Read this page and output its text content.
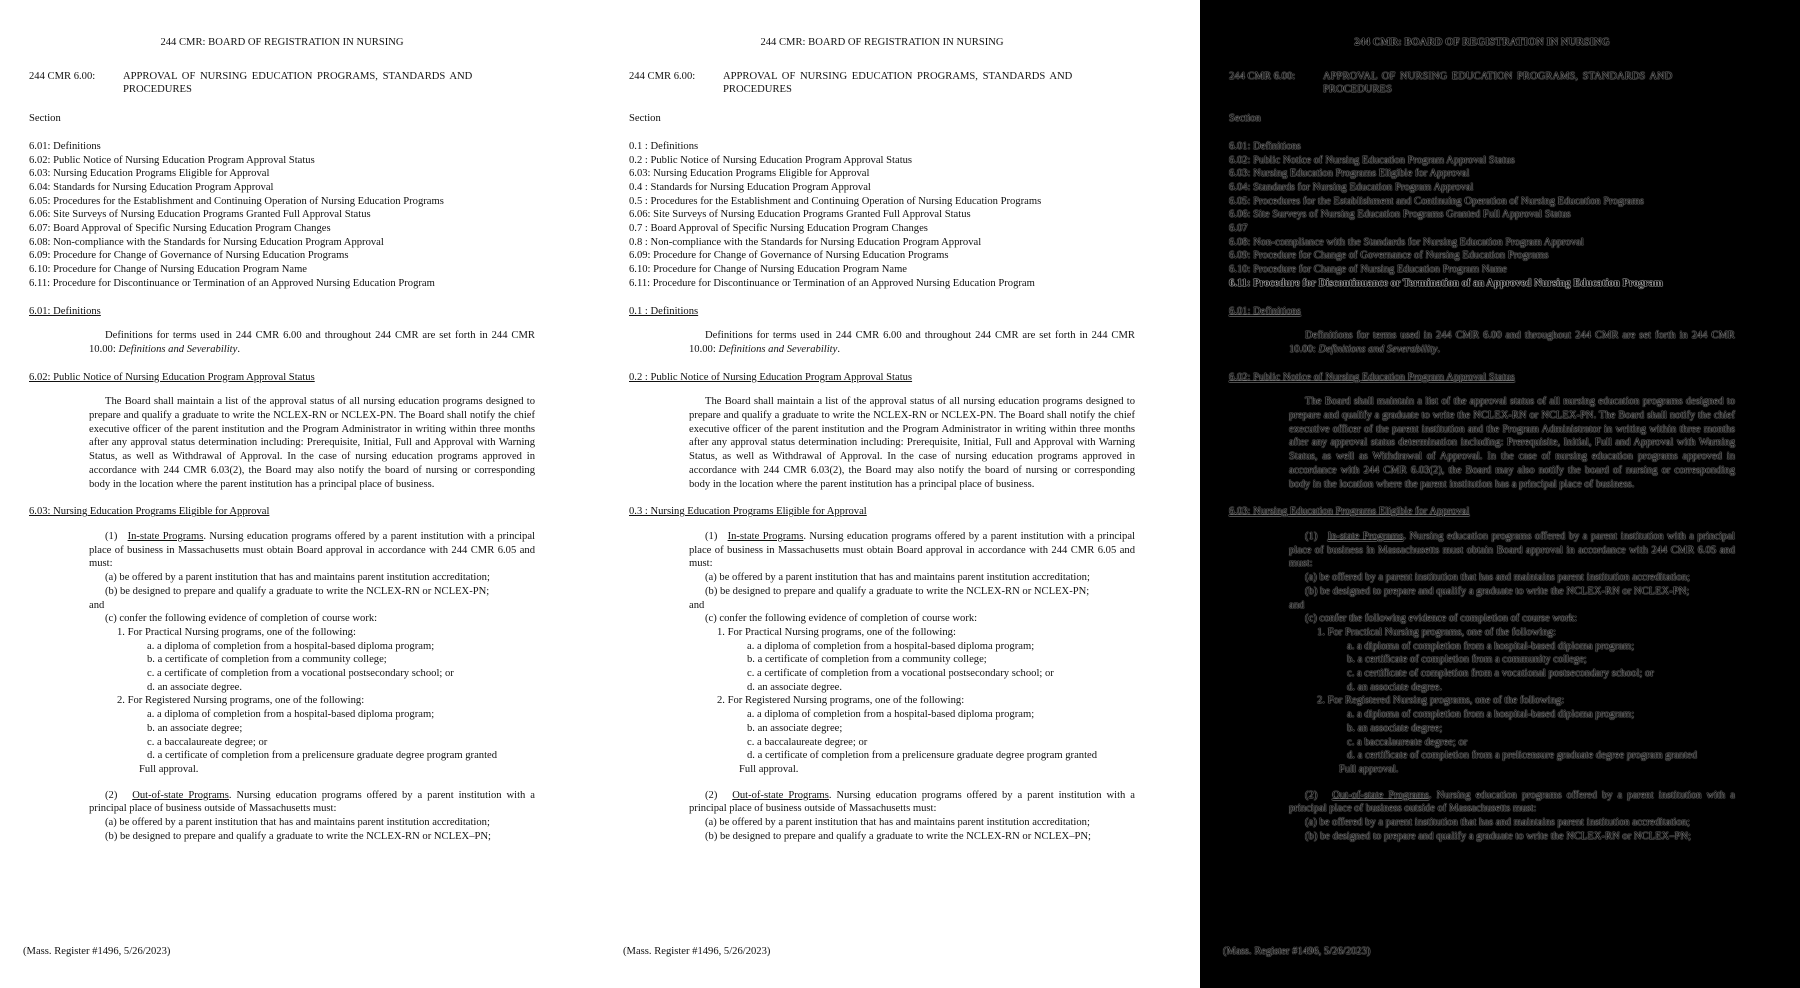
244 CMR: BOARD OF REGISTRATION IN NURSING
244 CMR 6.00:	APPROVAL OF NURSING EDUCATION PROGRAMS, STANDARDS AND PROCEDURES
Section
6.01: Definitions
6.02: Public Notice of Nursing Education Program Approval Status
6.03: Nursing Education Programs Eligible for Approval
6.04: Standards for Nursing Education Program Approval
6.05: Procedures for the Establishment and Continuing Operation of Nursing Education Programs
6.06: Site Surveys of Nursing Education Programs Granted Full Approval Status
6.07: Board Approval of Specific Nursing Education Program Changes
6.08: Non-compliance with the Standards for Nursing Education Program Approval
6.09: Procedure for Change of Governance of Nursing Education Programs
6.10: Procedure for Change of Nursing Education Program Name
6.11: Procedure for Discontinuance or Termination of an Approved Nursing Education Program
6.01: Definitions
Definitions for terms used in 244 CMR 6.00 and throughout 244 CMR are set forth in 244 CMR 10.00: Definitions and Severability.
6.02: Public Notice of Nursing Education Program Approval Status
The Board shall maintain a list of the approval status of all nursing education programs designed to prepare and qualify a graduate to write the NCLEX-RN or NCLEX-PN. The Board shall notify the chief executive officer of the parent institution and the Program Administrator in writing within three months after any approval status determination including: Prerequisite, Initial, Full and Approval with Warning Status, as well as Withdrawal of Approval. In the case of nursing education programs approved in accordance with 244 CMR 6.03(2), the Board may also notify the board of nursing or corresponding body in the location where the parent institution has a principal place of business.
6.03: Nursing Education Programs Eligible for Approval
(1) In-state Programs. Nursing education programs offered by a parent institution with a principal place of business in Massachusetts must obtain Board approval in accordance with 244 CMR 6.05 and must:
(a) be offered by a parent institution that has and maintains parent institution accreditation;
(b) be designed to prepare and qualify a graduate to write the NCLEX-RN or NCLEX-PN;
and
(c) confer the following evidence of completion of course work:
1. For Practical Nursing programs, one of the following:
a. a diploma of completion from a hospital-based diploma program;
b. a certificate of completion from a community college;
c. a certificate of completion from a vocational postsecondary school; or
d. an associate degree.
2. For Registered Nursing programs, one of the following:
a. a diploma of completion from a hospital-based diploma program;
b. an associate degree;
c. a baccalaureate degree; or
d. a certificate of completion from a prelicensure graduate degree program granted
Full approval.
(2) Out-of-state Programs. Nursing education programs offered by a parent institution with a principal place of business outside of Massachusetts must:
(a) be offered by a parent institution that has and maintains parent institution accreditation;
(b) be designed to prepare and qualify a graduate to write the NCLEX-RN or NCLEX–PN;
(Mass. Register #1496, 5/26/2023)
244 CMR: BOARD OF REGISTRATION IN NURSING
244 CMR 6.00:	APPROVAL OF NURSING EDUCATION PROGRAMS, STANDARDS AND PROCEDURES
Section
0.1 : Definitions
0.2 : Public Notice of Nursing Education Program Approval Status
6.03: Nursing Education Programs Eligible for Approval
0.4 : Standards for Nursing Education Program Approval
0.5 : Procedures for the Establishment and Continuing Operation of Nursing Education Programs
6.06: Site Surveys of Nursing Education Programs Granted Full Approval Status
0.7 : Board Approval of Specific Nursing Education Program Changes
0.8 : Non-compliance with the Standards for Nursing Education Program Approval
6.09: Procedure for Change of Governance of Nursing Education Programs
6.10: Procedure for Change of Nursing Education Program Name
6.11: Procedure for Discontinuance or Termination of an Approved Nursing Education Program
0.1 : Definitions
Definitions for terms used in 244 CMR 6.00 and throughout 244 CMR are set forth in 244 CMR 10.00: Definitions and Severability.
0.2 : Public Notice of Nursing Education Program Approval Status
The Board shall maintain a list of the approval status of all nursing education programs designed to prepare and qualify a graduate to write the NCLEX-RN or NCLEX-PN. The Board shall notify the chief executive officer of the parent institution and the Program Administrator in writing within three months after any approval status determination including: Prerequisite, Initial, Full and Approval with Warning Status, as well as Withdrawal of Approval. In the case of nursing education programs approved in accordance with 244 CMR 6.03(2), the Board may also notify the board of nursing or corresponding body in the location where the parent institution has a principal place of business.
0.3 : Nursing Education Programs Eligible for Approval
(1) In-state Programs. Nursing education programs offered by a parent institution with a principal place of business in Massachusetts must obtain Board approval in accordance with 244 CMR 6.05 and must:
(a) be offered by a parent institution that has and maintains parent institution accreditation;
(b) be designed to prepare and qualify a graduate to write the NCLEX-RN or NCLEX-PN;
and
(c) confer the following evidence of completion of course work:
1. For Practical Nursing programs, one of the following:
a. a diploma of completion from a hospital-based diploma program;
b. a certificate of completion from a community college;
c. a certificate of completion from a vocational postsecondary school; or
d. an associate degree.
2. For Registered Nursing programs, one of the following:
a. a diploma of completion from a hospital-based diploma program;
b. an associate degree;
c. a baccalaureate degree; or
d. a certificate of completion from a prelicensure graduate degree program granted
Full approval.
(2) Out-of-state Programs. Nursing education programs offered by a parent institution with a principal place of business outside of Massachusetts must:
(a) be offered by a parent institution that has and maintains parent institution accreditation;
(b) be designed to prepare and qualify a graduate to write the NCLEX-RN or NCLEX–PN;
(Mass. Register #1496, 5/26/2023)
244 CMR: BOARD OF REGISTRATION IN NURSING
244 CMR 6.00:	APPROVAL OF NURSING EDUCATION PROGRAMS, STANDARDS AND PROCEDURES
Section
6.01: Definitions
6.02: Public Notice of Nursing Education Program Approval Status
6.03: Nursing Education Programs Eligible for Approval
6.04: Standards for Nursing Education Program Approval
6.05: Procedures for the Establishment and Continuing Operation of Nursing Education Programs
6.06: Site Surveys of Nursing Education Programs Granted Full Approval Status
6.07
6.08: Non-compliance with the Standards for Nursing Education Program Approval
6.09: Procedure for Change of Governance of Nursing Education Programs
6.10: Procedure for Change of Nursing Education Program Name
6.11: Procedure for Discontinuance or Termination of an Approved Nursing Education Program
6.01: Definitions
Definitions for terms used in 244 CMR 6.00 and throughout 244 CMR are set forth in 244 CMR 10.00: Definitions and Severability.
6.02: Public Notice of Nursing Education Program Approval Status
The Board shall maintain a list of the approval status of all nursing education programs designed to prepare and qualify a graduate to write the NCLEX-RN or NCLEX-PN. The Board shall notify the chief executive officer of the parent institution and the Program Administrator in writing within three months after any approval status determination including: Prerequisite, Initial, Full and Approval with Warning Status, as well as Withdrawal of Approval. In the case of nursing education programs approved in accordance with 244 CMR 6.03(2), the Board may also notify the board of nursing or corresponding body in the location where the parent institution has a principal place of business.
6.03: Nursing Education Programs Eligible for Approval
(1) In-state Programs. Nursing education programs offered by a parent institution with a principal place of business in Massachusetts must obtain Board approval in accordance with 244 CMR 6.05 and must:
(a) be offered by a parent institution that has and maintains parent institution accreditation;
(b) be designed to prepare and qualify a graduate to write the NCLEX-RN or NCLEX-PN;
and
(c) confer the following evidence of completion of course work:
1. For Practical Nursing programs, one of the following:
a. a diploma of completion from a hospital-based diploma program;
b. a certificate of completion from a community college;
c. a certificate of completion from a vocational postsecondary school; or
d. an associate degree.
2. For Registered Nursing programs, one of the following:
a. a diploma of completion from a hospital-based diploma program;
b. an associate degree;
c. a baccalaureate degree; or
d. a certificate of completion from a prelicensure graduate degree program granted
Full approval.
(2) Out-of-state Programs. Nursing education programs offered by a parent institution with a principal place of business outside of Massachusetts must:
(a) be offered by a parent institution that has and maintains parent institution accreditation;
(b) be designed to prepare and qualify a graduate to write the NCLEX-RN or NCLEX–PN;
(Mass. Register #1496, 5/26/2023)
